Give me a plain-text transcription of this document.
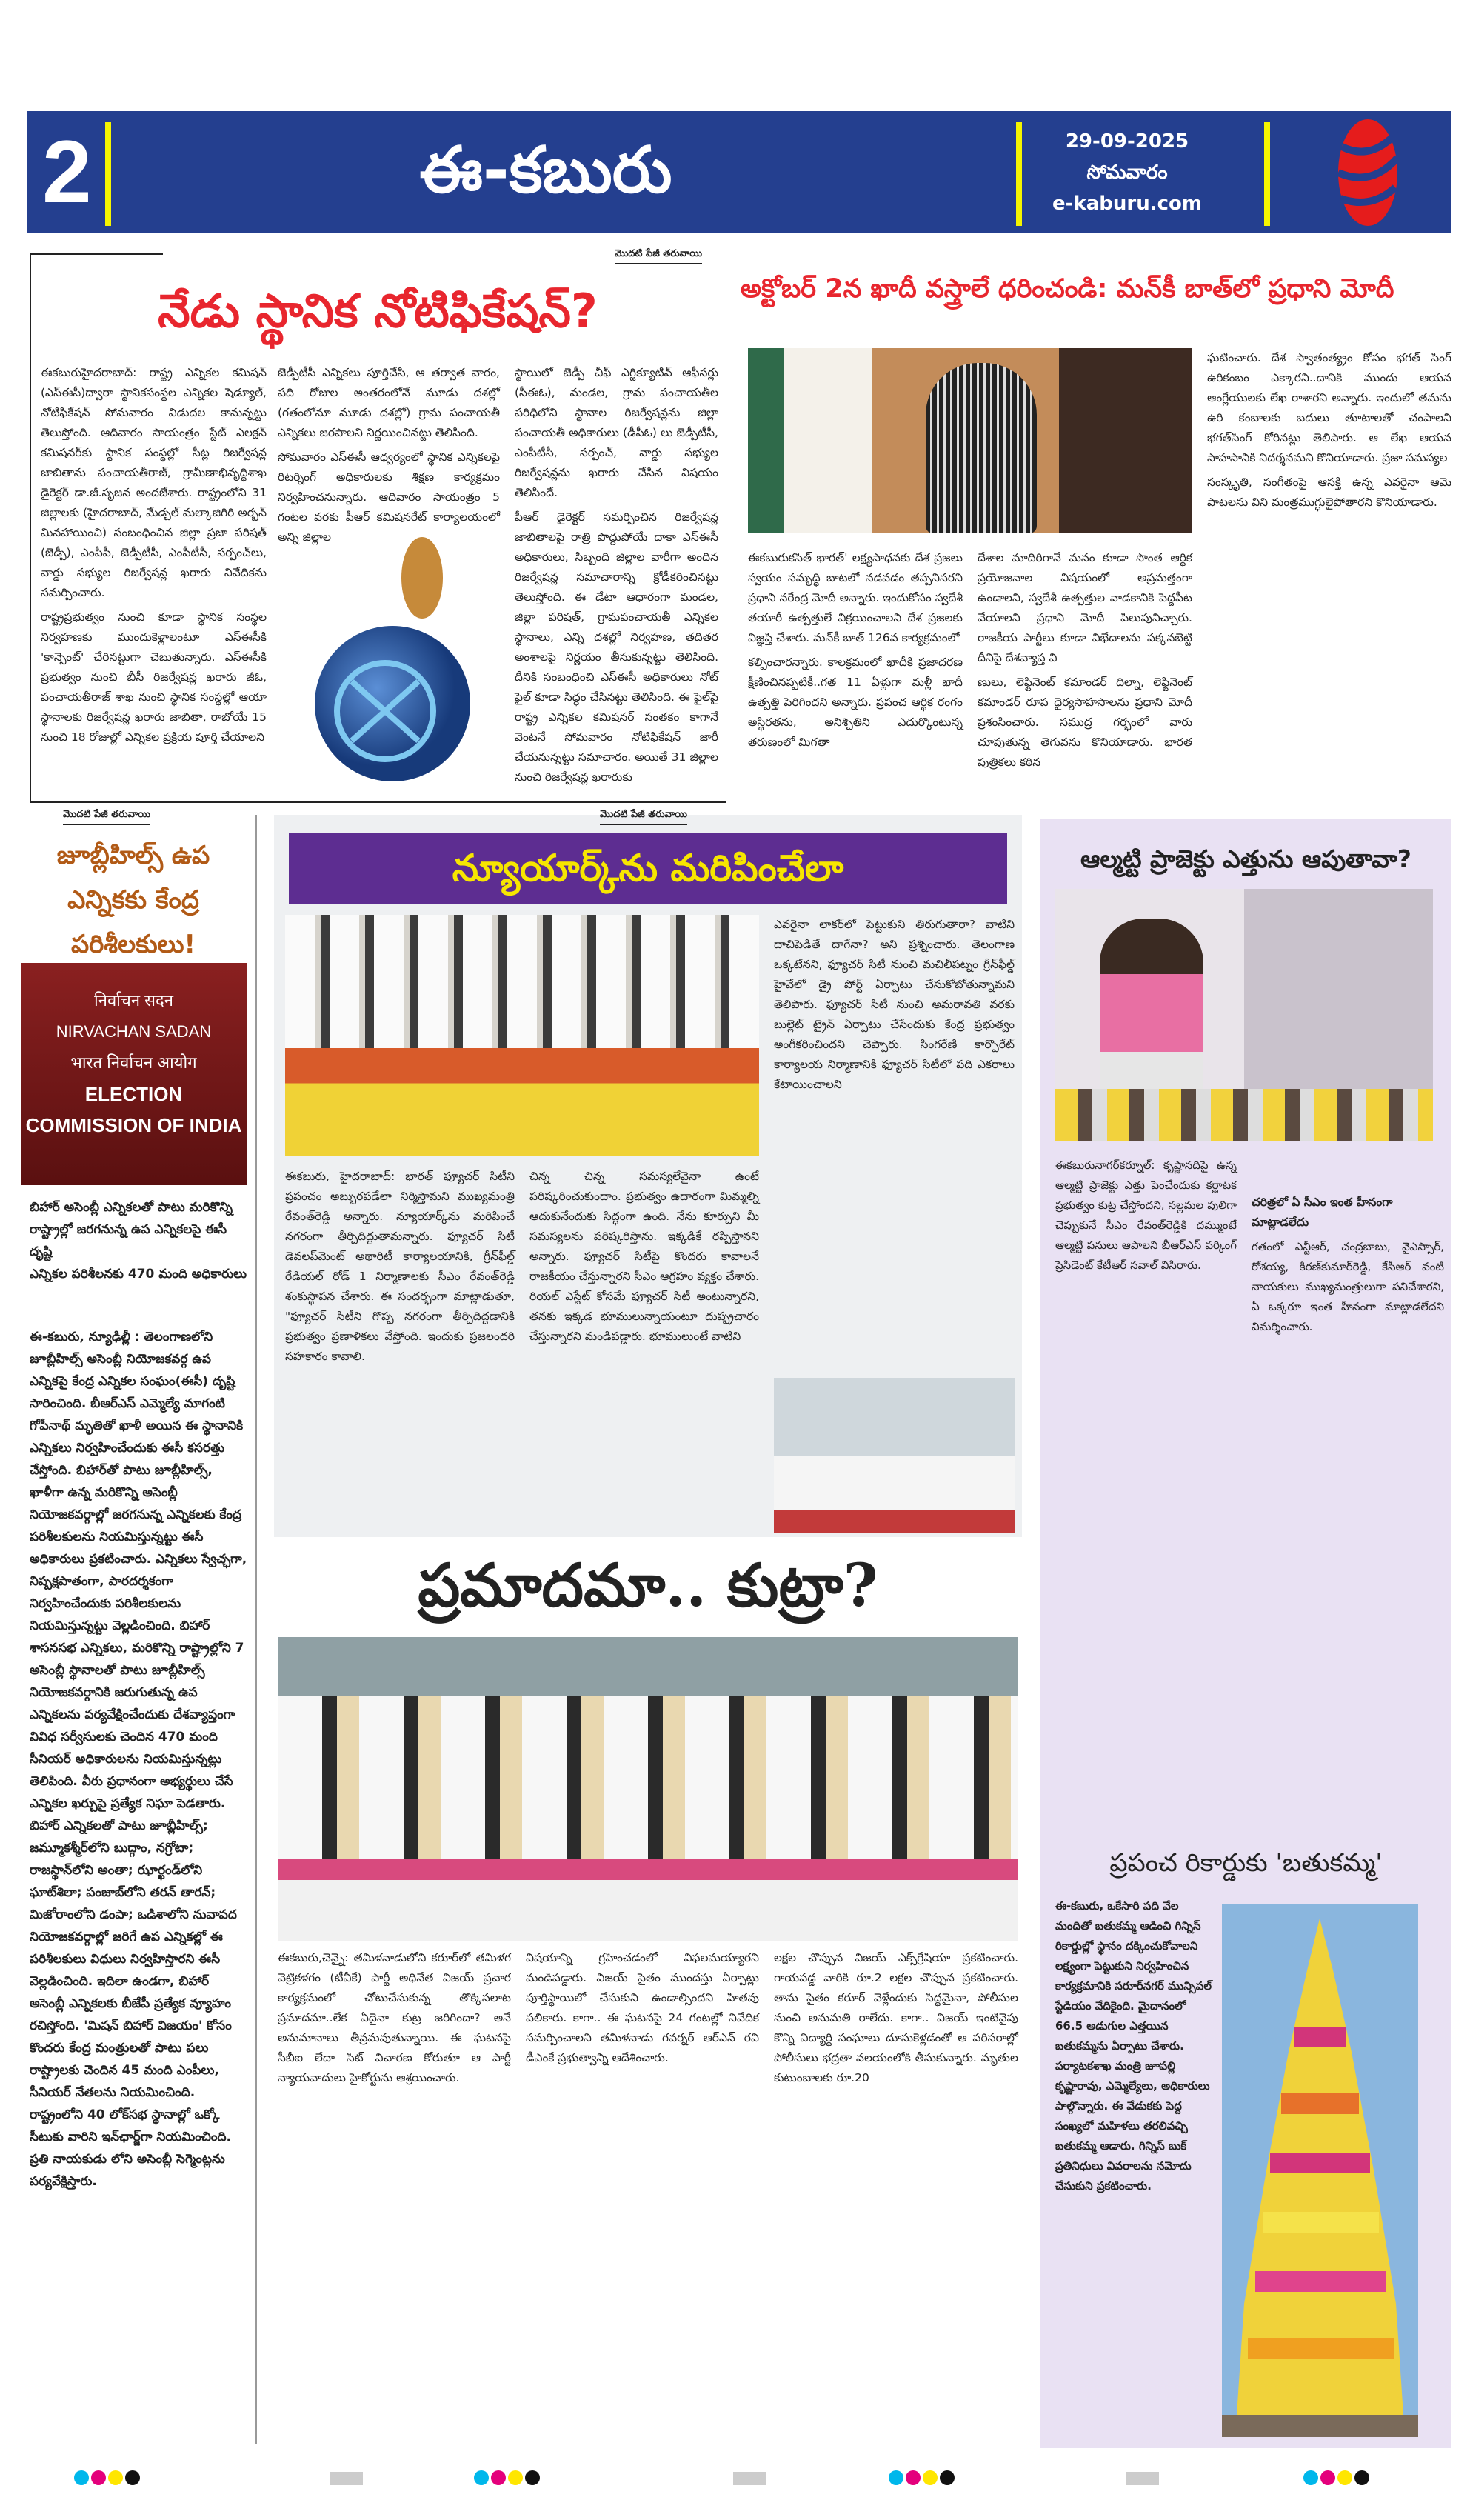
2	ఈ-కబురు	29-09-2025
సోమవారం
e-kaburu.com
మొదటి పేజీ తరువాయి
నేడు స్థానిక నోటిఫికేషన్?

ఈకబురుహైదరాబాద్: రాష్ట్ర ఎన్నికల కమిషన్ (ఎస్ఈసీ)ద్వారా స్థానికసంస్థల ఎన్నికల షెడ్యూల్, నోటిఫికేషన్ సోమవారం విడుదల కానున్నట్టు తెలుస్తోంది. ఆదివారం సాయంత్రం స్టేట్ ఎలక్షన్ కమిషనర్‌కు స్థానిక సంస్థల్లో సీట్ల రిజర్వేషన్ల జాబితాను పంచాయతీరాజ్, గ్రామీణాభివృద్ధిశాఖ డైరెక్టర్ డా.జీ.సృజన అందజేశారు. రాష్ట్రంలోని 31 జిల్లాలకు (హైదరాబాద్, మేడ్చల్ మల్కాజిగిరి అర్బన్ మినహాయించి) సంబంధించిన జిల్లా ప్రజా పరిషత్ (జెడ్పీ), ఎంపీపీ, జెడ్పీటీసీ, ఎంపీటీసీ, సర్పంచ్‌లు, వార్డు సభ్యుల రిజర్వేషన్ల ఖరారు నివేదికను సమర్పించారు.

రాష్ట్రప్రభుత్వం నుంచి కూడా స్థానిక సంస్థల నిర్వహణకు ముందుకెళ్లాలంటూ ఎస్ఈసీకి 'కాన్సెంట్' చేరినట్టుగా చెబుతున్నారు. ఎస్ఈసీకి ప్రభుత్వం నుంచి బీసీ రిజర్వేషన్ల ఖరారు జీఓ, పంచాయతీరాజ్ శాఖ నుంచి స్థానిక సంస్థల్లో ఆయా స్థానాలకు రిజర్వేషన్ల ఖరారు జాబితా, రాబోయే 15 నుంచి 18 రోజుల్లో ఎన్నికల ప్రక్రియ పూర్తి చేయాలని

జెడ్పీటీసీ ఎన్నికలు పూర్తిచేసి, ఆ తర్వాత వారం, పది రోజుల అంతరంలోనే మూడు దశల్లో (గతంలోనూ మూడు దశల్లో) గ్రామ పంచాయతీ ఎన్నికలు జరపాలని నిర్ణయించినట్టు తెలిసింది.

సోమవారం ఎస్ఈసీ ఆధ్వర్యంలో స్థానిక ఎన్నికలపై రిటర్నింగ్ అధికారులకు శిక్షణ కార్యక్రమం నిర్వహించనున్నారు. ఆదివారం సాయంత్రం 5 గంటల వరకు పీఆర్ కమిషనరేట్ కార్యాలయంలో అన్ని జిల్లాల

స్థాయిలో జెడ్పీ చీఫ్ ఎగ్జిక్యూటివ్ ఆఫీసర్లు (సీఈఓ), మండల, గ్రామ పంచాయతీల పరిధిలోని స్థానాల రిజర్వేషన్లను జిల్లా పంచాయతీ అధికారులు (డీపీఓ) లు జెడ్పీటీసీ, ఎంపీటీసీ, సర్పంచ్, వార్డు సభ్యుల రిజర్వేషన్లను ఖరారు చేసిన విషయం తెలిసిందే.

పీఆర్ డైరెక్టర్ సమర్పించిన రిజర్వేషన్ల జాబితాలపై రాత్రి పొద్దుపోయే దాకా ఎస్ఈసీ అధికారులు, సిబ్బంది జిల్లాల వారీగా అందిన రిజర్వేషన్ల సమాచారాన్ని క్రోడీకరించినట్టు తెలుస్తోంది. ఈ డేటా ఆధారంగా మండల, జిల్లా పరిషత్, గ్రామపంచాయతీ ఎన్నికల స్థానాలు, ఎన్ని దశల్లో నిర్వహణ, తదితర అంశాలపై నిర్ణయం తీసుకున్నట్టు తెలిసింది. దీనికి సంబంధించి ఎస్ఈసీ అధికారులు నోట్ ఫైల్ కూడా సిద్ధం చేసినట్టు తెలిసింది. ఈ ఫైల్‌పై రాష్ట్ర ఎన్నికల కమిషనర్ సంతకం కాగానే వెంటనే సోమవారం నోటిఫికేషన్ జారీ చేయనున్నట్టు సమాచారం. అయితే 31 జిల్లాల నుంచి రిజర్వేషన్ల ఖరారుకు

అక్టోబర్ 2న ఖాదీ వస్త్రాలే ధరించండి: మన్‌కీ బాత్‌లో ప్రధాని మోదీ

ఘటించారు. దేశ స్వాతంత్య్రం కోసం భగత్ సింగ్ ఉరికంబం ఎక్కారని..దానికి ముందు ఆయన ఆంగ్లేయులకు లేఖ రాశారని అన్నారు. ఇందులో తమను ఉరి కంబాలకు బదులు తూటాలతో చంపాలని భగత్‌సింగ్ కోరినట్లు తెలిపారు. ఆ లేఖ ఆయన సాహసానికి నిదర్శనమని కొనియాడారు. ప్రజా సమస్యల

సంస్కృతి, సంగీతంపై ఆసక్తి ఉన్న ఎవరైనా ఆమె పాటలను విని మంత్రముగ్ధులైపోతారని కొనియాడారు.

ఈకబురుకసిత్ భారత్' లక్ష్యసాధనకు దేశ ప్రజలు స్వయం సమృద్ధి బాటలో నడవడం తప్పనిసరని ప్రధాని నరేంద్ర మోదీ అన్నారు. ఇందుకోసం స్వదేశీ తయారీ ఉత్పత్తులే విక్రయించాలని దేశ ప్రజలకు విజ్ఞప్తి చేశారు. మన్‌కీ బాత్ 126వ కార్యక్రమంలో

కల్పించారన్నారు. కాలక్రమంలో ఖాదీకి ప్రజాదరణ క్షీణించినప్పటికీ..గత 11 ఏళ్లుగా మళ్లీ ఖాదీ ఉత్పత్తి పెరిగిందని అన్నారు. ప్రపంచ ఆర్థిక రంగం అస్థిరతను, అనిశ్చితిని ఎదుర్కొంటున్న తరుణంలో మిగతా

దేశాల మాదిరిగానే మనం కూడా సొంత ఆర్థిక ప్రయోజనాల విషయంలో అప్రమత్తంగా ఉండాలని, స్వదేశీ ఉత్పత్తుల వాడకానికి పెద్దపీట వేయాలని ప్రధాని మోదీ పిలుపునిచ్చారు. రాజకీయ పార్టీలు కూడా విభేదాలను పక్కనబెట్టి దీనిపై దేశవ్యాప్త వి

ణులు, లెఫ్టినెంట్ కమాండర్ దిల్నా, లెఫ్టినెంట్ కమాండర్ రూప ధైర్యసాహసాలను ప్రధాని మోదీ ప్రశంసించారు. సముద్ర గర్భంలో వారు చూపుతున్న తెగువను కొనియాడారు. భారత పుత్రికలు కఠిన

మొదటి పేజీ తరువాయి
జూబ్లీహిల్స్ ఉప ఎన్నికకు కేంద్ర పరిశీలకులు!
निर्वाचन सदन
NIRVACHAN SADAN
भारत निर्वाचन आयोग
ELECTION COMMISSION OF INDIA
బిహార్ అసెంబ్లీ ఎన్నికలతో పాటు మరికొన్ని రాష్ట్రాల్లో జరగనున్న ఉప ఎన్నికలపై ఈసీ దృష్టి
ఎన్నికల పరిశీలనకు 470 మంది అధికారులు
ఈ-కబురు, న్యూఢిల్లీ : తెలంగాణలోని జూబ్లీహిల్స్ అసెంబ్లీ నియోజకవర్గ ఉప ఎన్నికపై కేంద్ర ఎన్నికల సంఘం(ఈసీ) దృష్టి సారించింది. బీఆర్ఎస్ ఎమ్మెల్యే మాగంటి గోపీనాథ్ మృతితో ఖాళీ అయిన ఈ స్థానానికి ఎన్నికలు నిర్వహించేందుకు ఈసీ కసరత్తు చేస్తోంది. బిహార్‌తో పాటు జూబ్లీహిల్స్, ఖాళీగా ఉన్న మరికొన్ని అసెంబ్లీ నియోజకవర్గాల్లో జరగనున్న ఎన్నికలకు కేంద్ర పరిశీలకులను నియమిస్తున్నట్టు ఈసీ అధికారులు ప్రకటించారు. ఎన్నికలు స్వేచ్ఛగా, నిష్పక్షపాతంగా, పారదర్శకంగా నిర్వహించేందుకు పరిశీలకులను నియమిస్తున్నట్టు వెల్లడించింది. బిహార్ శాసనసభ ఎన్నికలు, మరికొన్ని రాష్ట్రాల్లోని 7 అసెంబ్లీ స్థానాలతో పాటు జూబ్లీహిల్స్ నియోజకవర్గానికి జరుగుతున్న ఉప ఎన్నికలను పర్యవేక్షించేందుకు దేశవ్యాప్తంగా వివిధ సర్వీసులకు చెందిన 470 మంది సీనియర్ అధికారులను నియమిస్తున్నట్లు తెలిపింది. వీరు ప్రధానంగా అభ్యర్థులు చేసే ఎన్నికల ఖర్చుపై ప్రత్యేక నిఘా పెడతారు. బిహార్ ఎన్నికలతో పాటు జూబ్లీహిల్స్; జమ్మూకశ్మీర్‌లోని బుద్గాం, నగ్రోటా; రాజస్థాన్‌లోని అంతా; ఝార్ఖండ్‌లోని ఘాట్‌శిలా; పంజాబ్‌లోని తరన్ తారన్; మిజోరాంలోని డంపా; ఒడిశాలోని నువాపద నియోజకవర్గాల్లో జరిగే ఉప ఎన్నికల్లో ఈ పరిశీలకులు విధులు నిర్వహిస్తారని ఈసీ వెల్లడించింది. ఇదిలా ఉండగా, బిహార్ అసెంబ్లీ ఎన్నికలకు బీజేపీ ప్రత్యేక వ్యూహం రచిస్తోంది. 'మిషన్ బిహార్ విజయం' కోసం కొందరు కేంద్ర మంత్రులతో పాటు పలు రాష్ట్రాలకు చెందిన 45 మంది ఎంపీలు, సీనియర్ నేతలను నియమించింది. రాష్ట్రంలోని 40 లోక్‌సభ స్థానాల్లో ఒక్కో సీటుకు వారిని ఇన్‌ఛార్జ్‌గా నియమించింది. ప్రతి నాయకుడు లోని అసెంబ్లీ సెగ్మెంట్లను పర్యవేక్షిస్తారు.
మొదటి పేజీ తరువాయి
న్యూయార్క్‌ను మరిపించేలా
ఈకబురు, హైదరాబాద్: భారత్ ఫ్యూచర్ సిటీని ప్రపంచం అబ్బురపడేలా నిర్మిస్తామని ముఖ్యమంత్రి రేవంత్‌రెడ్డి అన్నారు. న్యూయార్క్‌ను మరిపించే నగరంగా తీర్చిదిద్దుతామన్నారు. ఫ్యూచర్ సిటీ డెవలప్‌మెంట్ అథారిటీ కార్యాలయానికి, గ్రీన్‌ఫీల్డ్ రేడియల్ రోడ్ 1 నిర్మాణాలకు సీఎం రేవంత్‌రెడ్డి శంకుస్థాపన చేశారు. ఈ సందర్భంగా మాట్లాడుతూ, "ఫ్యూచర్ సిటీని గొప్ప నగరంగా తీర్చిదిద్దడానికి ప్రభుత్వం ప్రణాళికలు వేస్తోంది. ఇందుకు ప్రజలందరి సహకారం కావాలి.
చిన్న చిన్న సమస్యలేవైనా ఉంటే పరిష్కరించుకుందాం. ప్రభుత్వం ఉదారంగా మిమ్మల్ని ఆదుకునేందుకు సిద్ధంగా ఉంది. నేను కూర్చుని మీ సమస్యలను పరిష్కరిస్తాను. ఇక్కడికే రప్పిస్తానని అన్నారు. ఫ్యూచర్ సిటీపై కొందరు కావాలనే రాజకీయం చేస్తున్నారని సీఎం ఆగ్రహం వ్యక్తం చేశారు. రియల్ ఎస్టేట్ కోసమే ఫ్యూచర్ సిటీ అంటున్నారని, తనకు ఇక్కడ భూములున్నాయంటూ దుష్ప్రచారం చేస్తున్నారని మండిపడ్డారు. భూములుంటే వాటిని
ఎవరైనా లాకర్‌లో పెట్టుకుని తిరుగుతారా? వాటిని దాచిపెడితే దాగేనా? అని ప్రశ్నించారు. తెలంగాణ ఒక్కటేనని, ఫ్యూచర్ సిటీ నుంచి మచిలీపట్నం గ్రీన్‌ఫీల్డ్ హైవేలో డ్రై పోర్ట్ ఏర్పాటు చేసుకోబోతున్నామని తెలిపారు. ఫ్యూచర్ సిటీ నుంచి అమరావతి వరకు బుల్లెట్ ట్రైన్ ఏర్పాటు చేసేందుకు కేంద్ర ప్రభుత్వం అంగీకరించిందని చెప్పారు. సింగరేణి కార్పొరేట్ కార్యాలయ నిర్మాణానికి ఫ్యూచర్ సిటీలో పది ఎకరాలు కేటాయించాలని
ప్రమాదమా.. కుట్రా?
ఈకబురు,చెన్నై: తమిళనాడులోని కరూర్‌లో తమిళగ వెట్రికళగం (టీవీకే) పార్టీ అధినేత విజయ్ ప్రచార కార్యక్రమంలో చోటుచేసుకున్న తొక్కిసలాట ప్రమాదమా..లేక ఏదైనా కుట్ర జరిగిందా? అనే అనుమానాలు తీవ్రమవుతున్నాయి. ఈ ఘటనపై సీబీఐ లేదా సిట్ విచారణ కోరుతూ ఆ పార్టీ న్యాయవాదులు హైకోర్టును ఆశ్రయించారు.
విషయాన్ని గ్రహించడంలో విఫలమయ్యారని మండిపడ్డారు. విజయ్ సైతం ముందస్తు ఏర్పాట్లు పూర్తిస్థాయిలో చేసుకుని ఉండాల్సిందని హితవు పలికారు. కాగా.. ఈ ఘటనపై 24 గంటల్లో నివేదిక సమర్పించాలని తమిళనాడు గవర్నర్ ఆర్ఎన్ రవి డీఎంకే ప్రభుత్వాన్ని ఆదేశించారు.
లక్షల చొప్పున విజయ్ ఎక్స్‌గ్రేషియా ప్రకటించారు. గాయపడ్డ వారికి రూ.2 లక్షల చొప్పున ప్రకటించారు. తాను సైతం కరూర్ వెళ్లేందుకు సిద్ధమైనా, పోలీసుల నుంచి అనుమతి రాలేదు. కాగా.. విజయ్ ఇంటివైపు కొన్ని విద్యార్థి సంఘాలు దూసుకెళ్లడంతో ఆ పరిసరాల్లో పోలీసులు భద్రతా వలయంలోకి తీసుకున్నారు. మృతుల కుటుంబాలకు రూ.20
ఆల్మట్టి ప్రాజెక్టు ఎత్తును ఆపుతావా?
ఈకబురునాగర్‌కర్నూల్: కృష్ణానదిపై ఉన్న ఆల్మట్టి ప్రాజెక్టు ఎత్తు పెంచేందుకు కర్ణాటక ప్రభుత్వం కుట్ర చేస్తోందని, నల్లమల పులిగా చెప్పుకునే సీఎం రేవంత్‌రెడ్డికి దమ్ముంటే ఆల్మట్టి పనులు ఆపాలని బీఆర్ఎస్ వర్కింగ్ ప్రెసిడెంట్ కేటీఆర్ సవాల్ విసిరారు.
చరిత్రలో ఏ సీఎం ఇంత హీనంగా మాట్లాడలేదు
గతంలో ఎన్టీఆర్, చంద్రబాబు, వైఎస్సార్, రోశయ్య, కిరణ్‌కుమార్‌రెడ్డి, కేసీఆర్ వంటి నాయకులు ముఖ్యమంత్రులుగా పనిచేశారని, ఏ ఒక్కరూ ఇంత హీనంగా మాట్లాడలేదని విమర్శించారు.
ప్రపంచ రికార్డుకు 'బతుకమ్మ'
ఈ-కబురు, ఒకేసారి పది వేల మందితో బతుకమ్మ ఆడించి గిన్నిస్ రికార్డుల్లో స్థానం దక్కించుకోవాలని లక్ష్యంగా పెట్టుకుని నిర్వహించిన కార్యక్రమానికి సరూర్‌నగర్ మున్సిపల్ స్టేడియం వేదికైంది. మైదానంలో 66.5 అడుగుల ఎత్తయిన బతుకమ్మను ఏర్పాటు చేశారు. పర్యాటకశాఖ మంత్రి జూపల్లి కృష్ణారావు, ఎమ్మెల్యేలు, అధికారులు పాల్గొన్నారు. ఈ వేడుకకు పెద్ద సంఖ్యలో మహిళలు తరలివచ్చి బతుకమ్మ ఆడారు. గిన్నిస్ బుక్ ప్రతినిధులు వివరాలను నమోదు చేసుకుని ప్రకటించారు.
